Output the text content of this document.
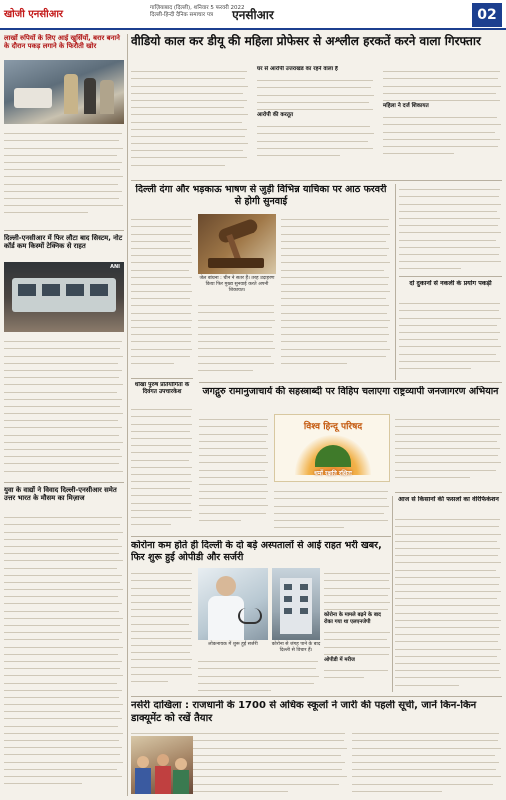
खोजी एनसीआर
गाज़ियाबाद (दिल्ली), शनिवार 5 फरवरी 2022
दिल्ली-हिन्दी दैनिक समाचार पत्र	एनसीआर	02
लाखों रुपियों के लिए आई खुर्सियों, बरार बनाने के दौरान पकड़ लगाने के फिरौती खोर
दिल्ली-एनसीआर में फिर लौटा बाद सिस्टम, नोट कॉर्ड कम किस्मों टेक्निक से राहत
ANI
युवा के वाद्यों ने विवाद दिल्ली-एनसीआर समेत उत्तर भारत के मौसम का मिज़ाज
वीडियो काल कर डीयू की महिला प्रोफेसर से अश्लील हरकतें करने वाला गिरफ्तार
घर से आरोपी उत्तराखंड का रहने वाला है
आरोपी की करतूत
महिला ने दर्ज शिकायत
दिल्ली दंगा और भड़काऊ भाषण से जुड़ी विभिन्न याचिका पर आठ फरवरी से होगी सुनवाई
जेल बांधना : चीन ने सतर हैं। तरह उदाहरण किया फिर मुख्य सुनवाई करते अपनी शिकायत।
दो दुकानों से नकली के प्रयोग पकड़ी
धोखा पुरुष प्रतियोगिता के दिवंगत उपचारकेश	जगद्गुरु रामानुजाचार्य की सहस्त्राब्दी पर विहिप चलाएगा राष्ट्रव्यापी जनजागरण अभियान
विश्व हिन्दू परिषद
धर्मो रक्षति रक्षितः
आज से किसानों की फसलों का वेरिफिकेशन
कोरोना कम होते ही दिल्ली के दो बड़े अस्पतालों से आई राहत भरी खबर, फिर शुरू हुई ओपीडी और सर्जरी
लोकनायक में शुरू हुई सर्जरी	कोरोना से जंगह पाने के बाद दिल्ली से विचार हैं।
कोरोना के मामले बढ़ने के बाद रोका गया था एलएनजेपी
ओपीडी में मरीज
नर्सरी दाखिला : राजधानी के 1700 से अधिक स्कूलों ने जारी की पहली सूची, जानें किन-किन डाक्यूमेंट को रखें तैयार
